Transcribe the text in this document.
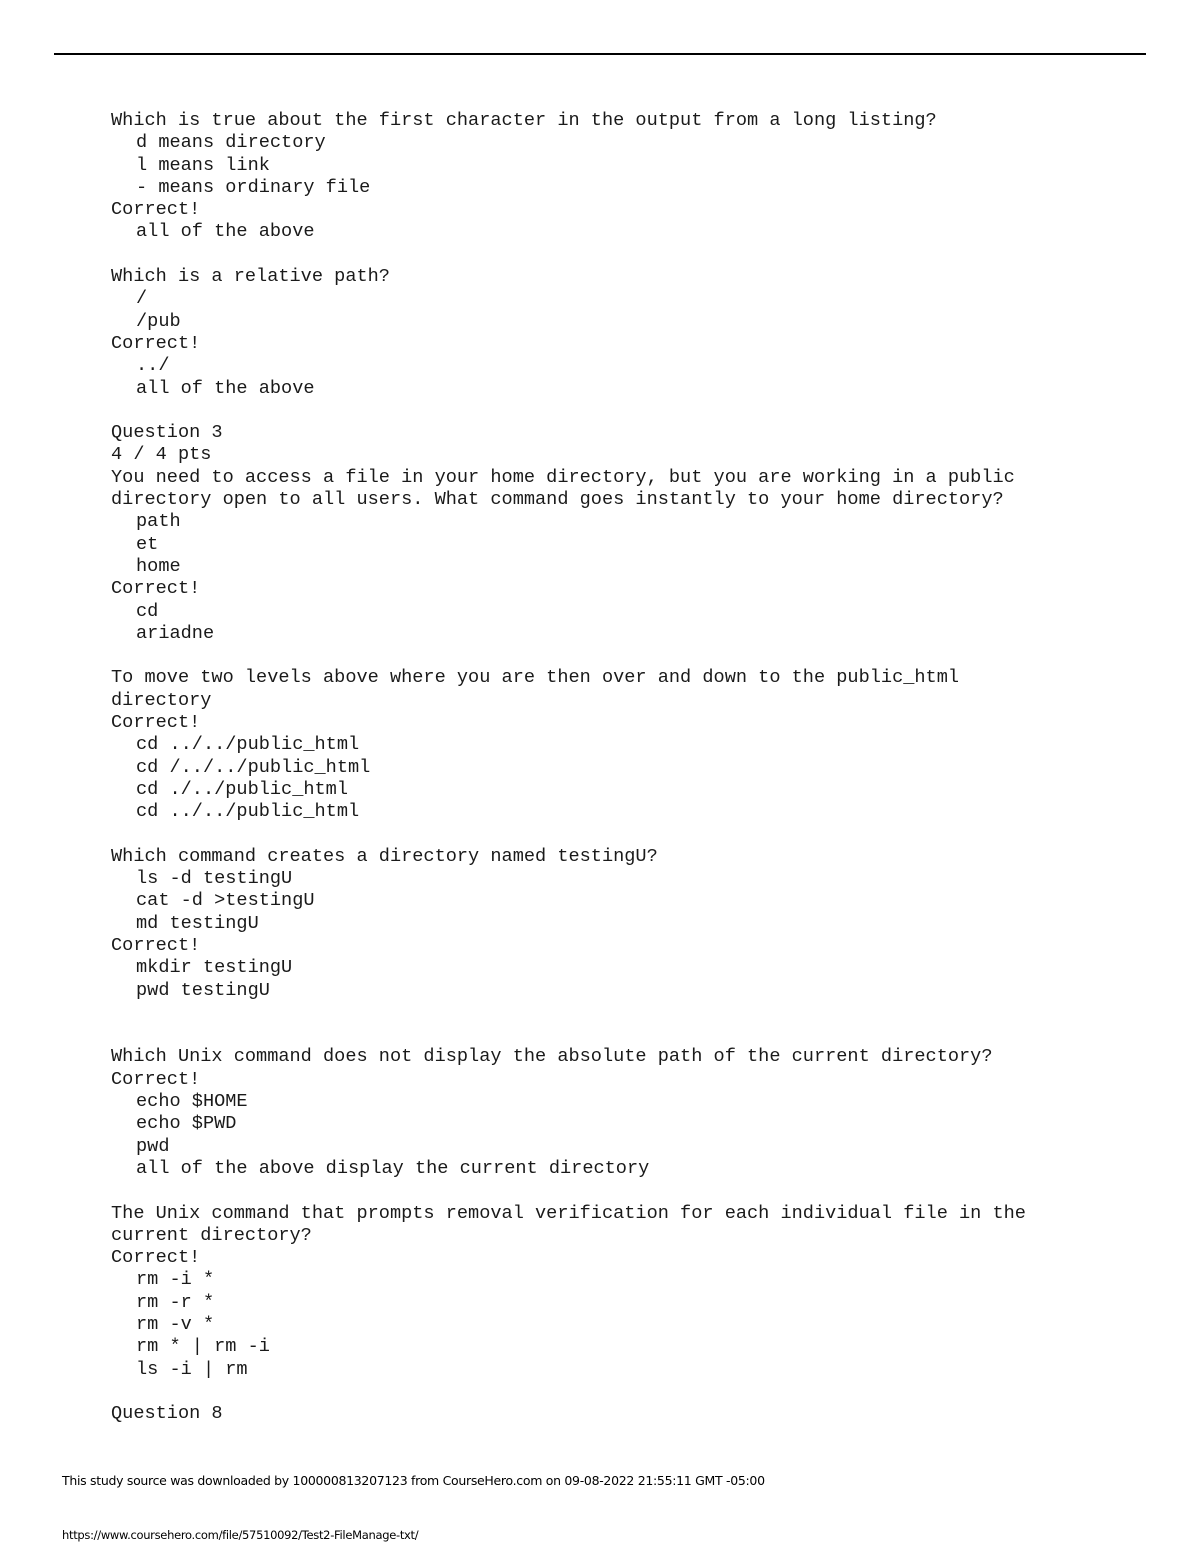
Which is true about the first character in the output from a long listing?
d means directory
l means link
- means ordinary file
Correct!
all of the above
Which is a relative path?
/
/pub
Correct!
../
all of the above
Question 3
4 / 4 pts
You need to access a file in your home directory, but you are working in a public
directory open to all users. What command goes instantly to your home directory?
path
et
home
Correct!
cd
ariadne
To move two levels above where you are then over and down to the public_html
directory
Correct!
cd ../../public_html
cd /../../public_html
cd ./../public_html
cd ../../public_html
Which command creates a directory named testingU?
ls -d testingU
cat -d >testingU
md testingU
Correct!
mkdir testingU
pwd testingU
Which Unix command does not display the absolute path of the current directory?
Correct!
echo $HOME
echo $PWD
pwd
all of the above display the current directory
The Unix command that prompts removal verification for each individual file in the
current directory?
Correct!
rm -i *
rm -r *
rm -v *
rm * | rm -i
ls -i | rm
Question 8
This study source was downloaded by 100000813207123 from CourseHero.com on 09-08-2022 21:55:11 GMT -05:00
https://www.coursehero.com/file/57510092/Test2-FileManage-txt/
